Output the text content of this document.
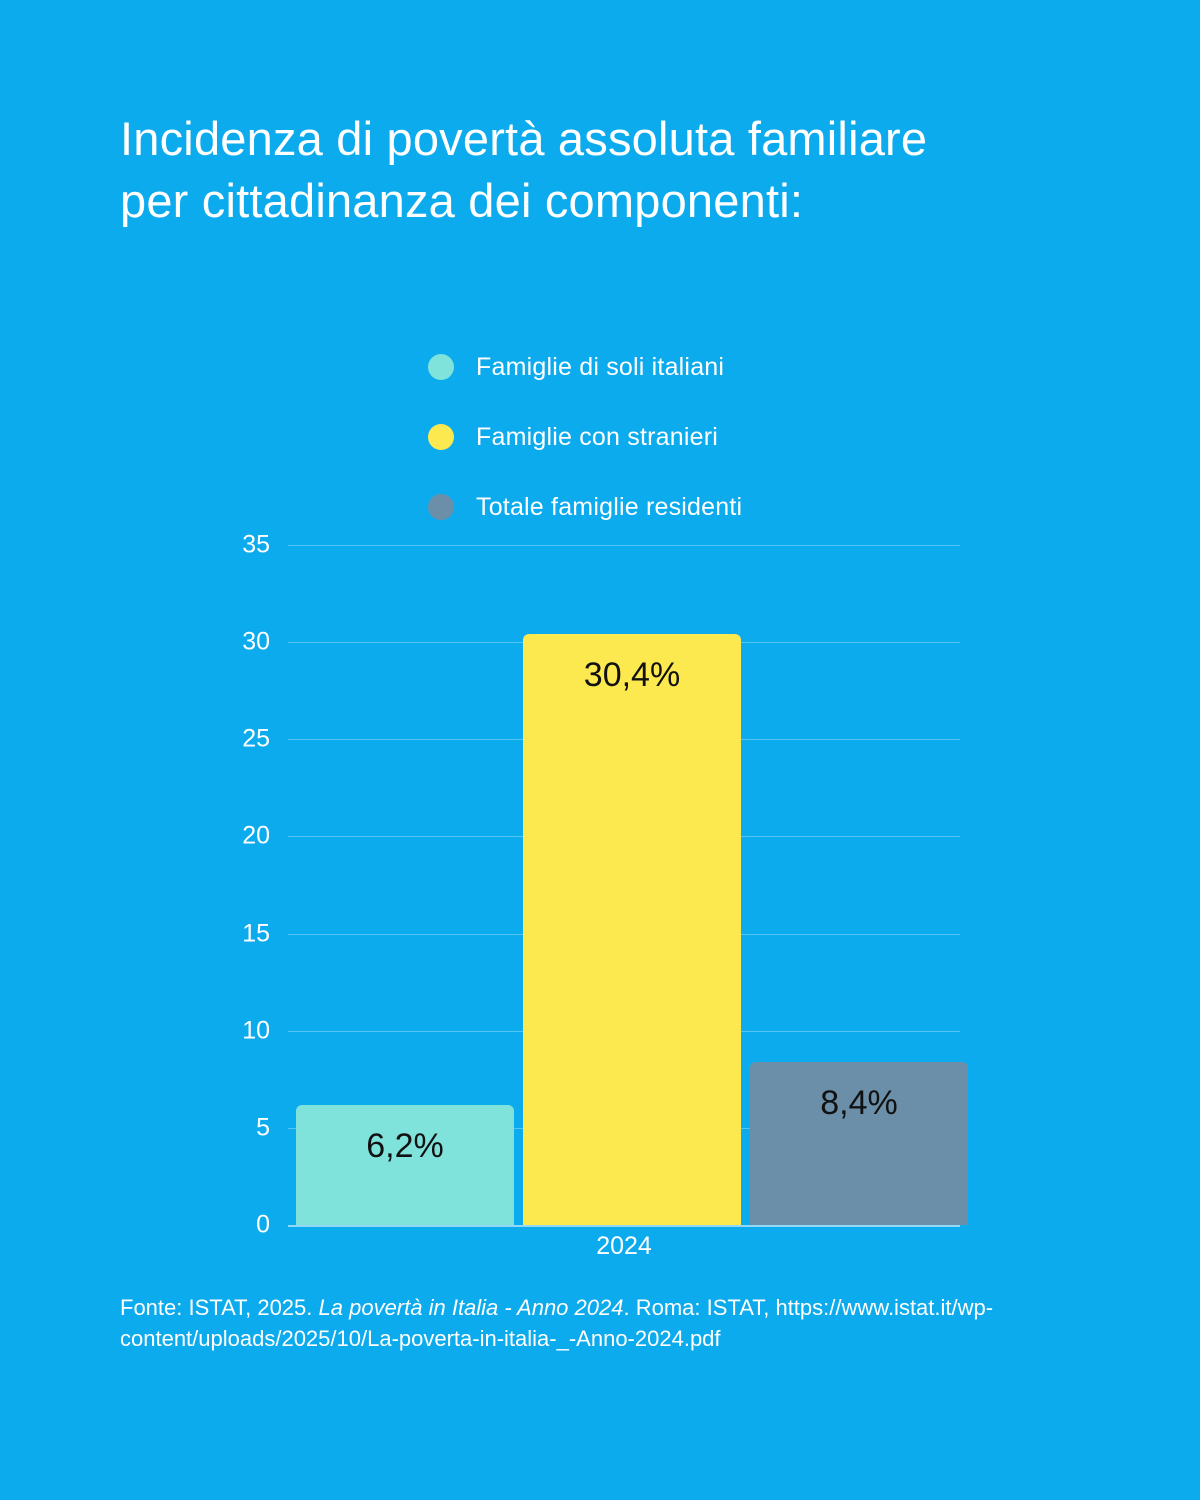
Incidenza di povertà assoluta familiare per cittadinanza dei componenti:
Famiglie di soli italiani
Famiglie con stranieri
Totale famiglie residenti
6,2%
30,4%
8,4%
35
30
25
20
15
10
5
0
2024
Fonte: ISTAT, 2025. La povertà in Italia - Anno 2024. Roma: ISTAT, https://www.istat.it/wp-content/uploads/2025/10/La-poverta-in-italia-_-Anno-2024.pdf
